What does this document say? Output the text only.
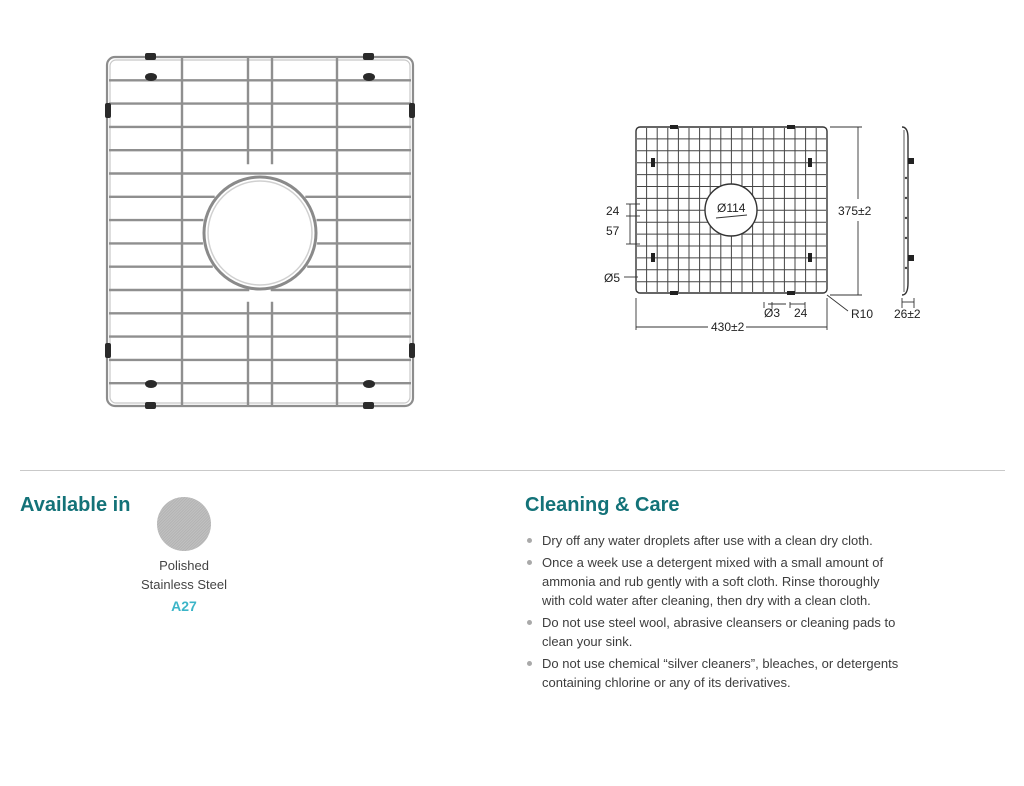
Ø114	375±2
24
57
Ø5
Ø3 24
430±2
R10 26±2
Available in
Polished
Stainless Steel
A27
Cleaning & Care
Dry off any water droplets after use with a clean dry cloth.
Once a week use a detergent mixed with a small amount of ammonia and rub gently with a soft cloth. Rinse thoroughly with cold water after cleaning, then dry with a clean cloth.
Do not use steel wool, abrasive cleansers or cleaning pads to clean your sink.
Do not use chemical “silver cleaners”, bleaches, or detergents containing chlorine or any of its derivatives.
